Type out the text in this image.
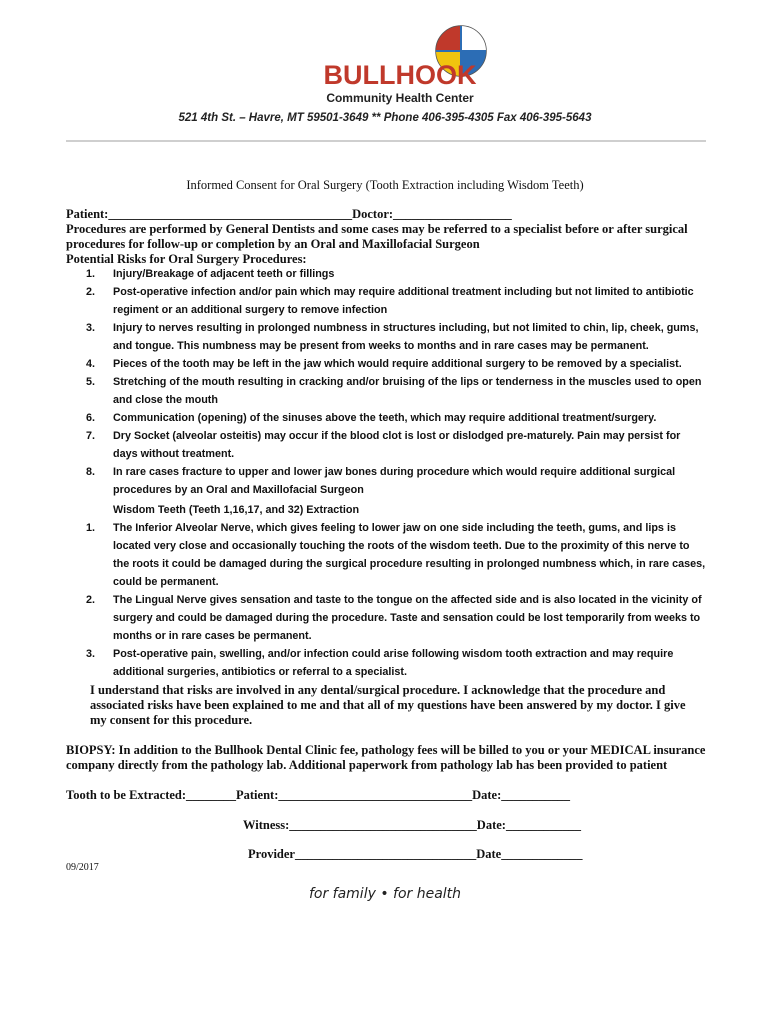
BULLHOOK
Community Health Center
521 4th St. – Havre, MT 59501-3649 ** Phone 406-395-4305 Fax 406-395-5643
Informed Consent for Oral Surgery (Tooth Extraction including Wisdom Teeth)
Patient:_______________________________________Doctor:___________________
Procedures are performed by General Dentists and some cases may be referred to a specialist before or after surgical procedures for follow-up or completion by an Oral and Maxillofacial Surgeon
Potential Risks for Oral Surgery Procedures:
1. Injury/Breakage of adjacent teeth or fillings
2. Post-operative infection and/or pain which may require additional treatment including but not limited to antibiotic regiment or an additional surgery to remove infection
3. Injury to nerves resulting in prolonged numbness in structures including, but not limited to chin, lip, cheek, gums, and tongue. This numbness may be present from weeks to months and in rare cases may be permanent.
4. Pieces of the tooth may be left in the jaw which would require additional surgery to be removed by a specialist.
5. Stretching of the mouth resulting in cracking and/or bruising of the lips or tenderness in the muscles used to open and close the mouth
6. Communication (opening) of the sinuses above the teeth, which may require additional treatment/surgery.
7. Dry Socket (alveolar osteitis) may occur if the blood clot is lost or dislodged pre-maturely. Pain may persist for days without treatment.
8. In rare cases fracture to upper and lower jaw bones during procedure which would require additional surgical procedures by an Oral and Maxillofacial Surgeon
Wisdom Teeth (Teeth 1,16,17, and 32) Extraction
1. The Inferior Alveolar Nerve, which gives feeling to lower jaw on one side including the teeth, gums, and lips is located very close and occasionally touching the roots of the wisdom teeth. Due to the proximity of this nerve to the roots it could be damaged during the surgical procedure resulting in prolonged numbness which, in rare cases, could be permanent.
2. The Lingual Nerve gives sensation and taste to the tongue on the affected side and is also located in the vicinity of surgery and could be damaged during the procedure. Taste and sensation could be lost temporarily from weeks to months or in rare cases be permanent.
3. Post-operative pain, swelling, and/or infection could arise following wisdom tooth extraction and may require additional surgeries, antibiotics or referral to a specialist.
I understand that risks are involved in any dental/surgical procedure. I acknowledge that the procedure and associated risks have been explained to me and that all of my questions have been answered by my doctor. I give my consent for this procedure.
BIOPSY: In addition to the Bullhook Dental Clinic fee, pathology fees will be billed to you or your MEDICAL insurance company directly from the pathology lab. Additional paperwork from pathology lab has been provided to patient
Tooth to be Extracted:________Patient:_______________________________Date:___________
Witness:______________________________Date:____________
Provider_____________________________Date_____________
09/2017
for family • for health
